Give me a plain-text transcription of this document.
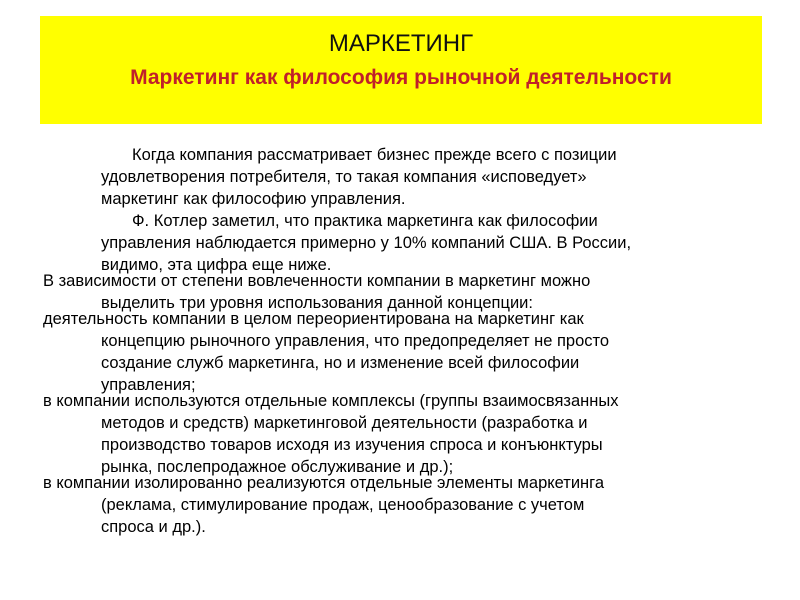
МАРКЕТИНГ
Маркетинг как философия рыночной деятельности
Когда компания рассматривает бизнес прежде всего с позиции
удовлетворения потребителя, то такая компания «исповедует»
маркетинг как философию управления.
Ф. Котлер заметил, что практика маркетинга как философии
управления наблюдается примерно у 10% компаний США. В России,
видимо, эта цифра еще ниже.
В зависимости от степени вовлеченности компании в маркетинг можно
выделить три уровня использования данной концепции:
деятельность компании в целом переориентирована на маркетинг как
концепцию рыночного управления, что предопределяет не просто
создание служб маркетинга, но и изменение всей философии
управления;
в компании используются отдельные комплексы (группы взаимосвязанных
методов и средств) маркетинговой деятельности (разработка и
производство товаров исходя из изучения спроса и конъюнктуры
рынка, послепродажное обслуживание и др.);
в компании изолированно реализуются отдельные элементы маркетинга
(реклама, стимулирование продаж, ценообразование с учетом
спроса и др.).
